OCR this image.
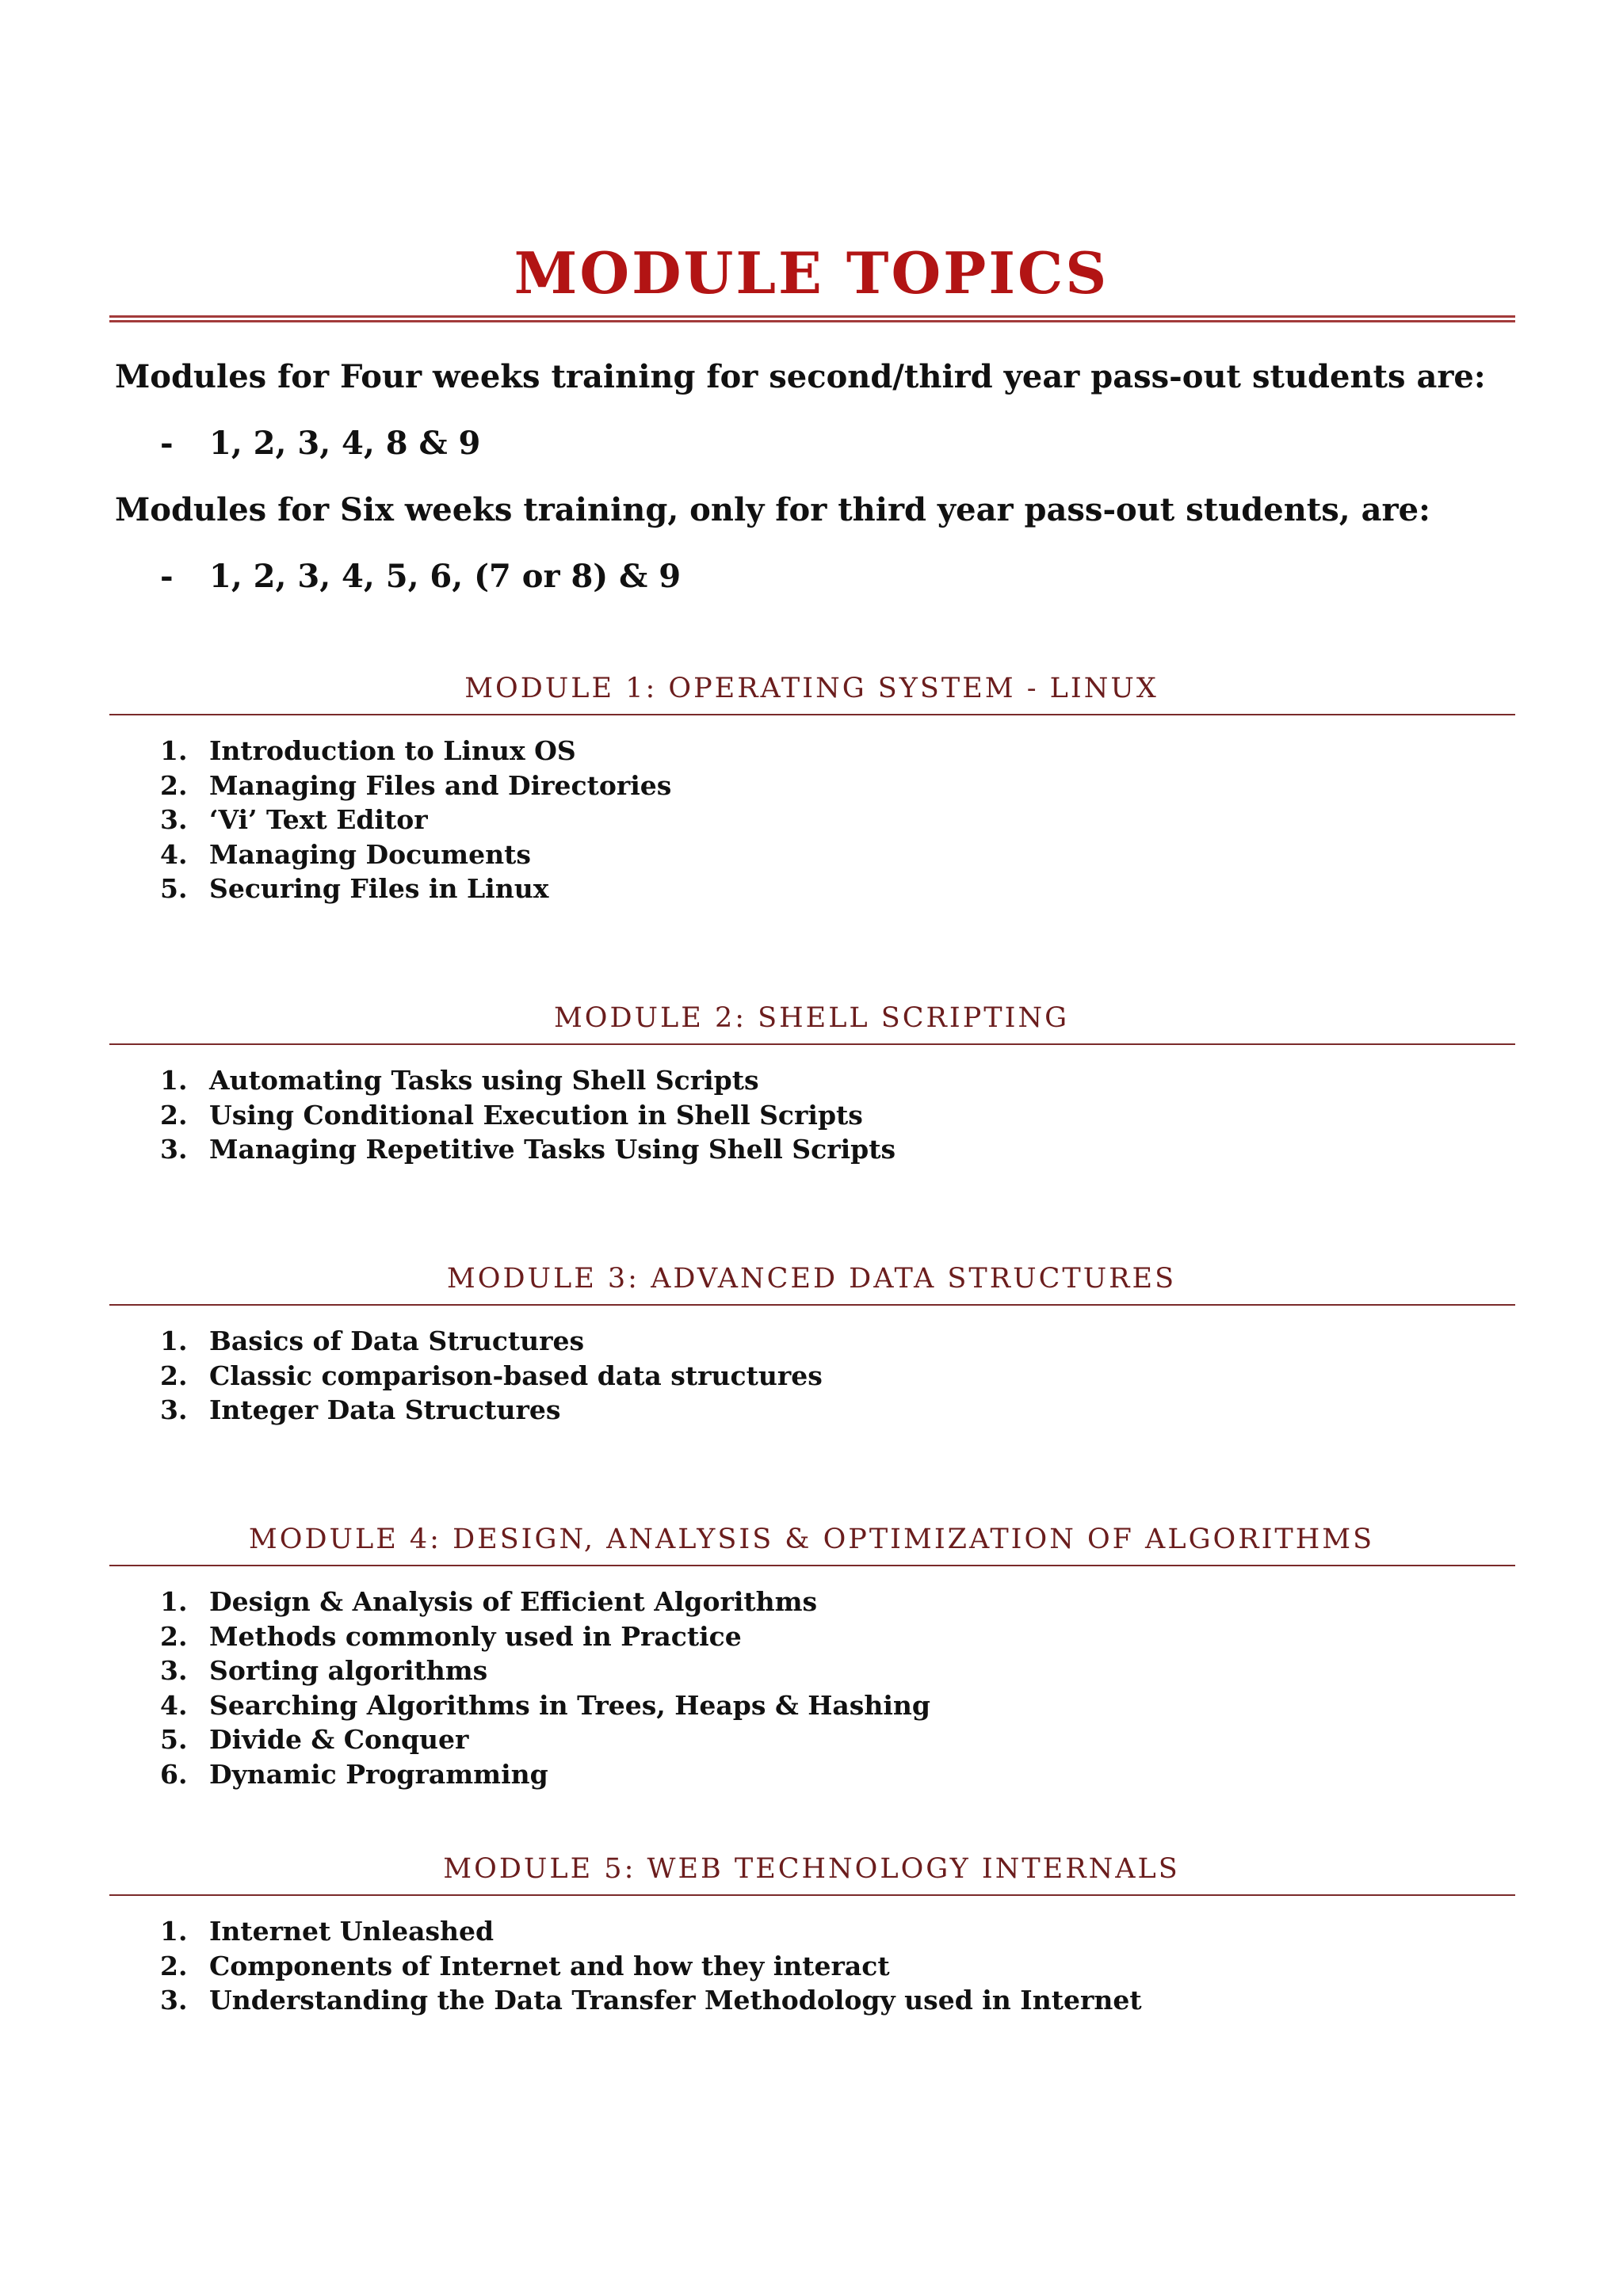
MODULE TOPICS
Modules for Four weeks training for second/third year pass-out students are:
- 1, 2, 3, 4, 8 & 9
Modules for Six weeks training, only for third year pass-out students, are:
- 1, 2, 3, 4, 5, 6, (7 or 8) & 9
MODULE 1: OPERATING SYSTEM - LINUX
1. Introduction to Linux OS
2. Managing Files and Directories
3. ‘Vi’ Text Editor
4. Managing Documents
5. Securing Files in Linux
MODULE 2: SHELL SCRIPTING
1. Automating Tasks using Shell Scripts
2. Using Conditional Execution in Shell Scripts
3. Managing Repetitive Tasks Using Shell Scripts
MODULE 3: ADVANCED DATA STRUCTURES
1. Basics of Data Structures
2. Classic comparison-based data structures
3. Integer Data Structures
MODULE 4: DESIGN, ANALYSIS & OPTIMIZATION OF ALGORITHMS
1. Design & Analysis of Efficient Algorithms
2. Methods commonly used in Practice
3. Sorting algorithms
4. Searching Algorithms in Trees, Heaps & Hashing
5. Divide & Conquer
6. Dynamic Programming
MODULE 5: WEB TECHNOLOGY INTERNALS
1. Internet Unleashed
2. Components of Internet and how they interact
3. Understanding the Data Transfer Methodology used in Internet
